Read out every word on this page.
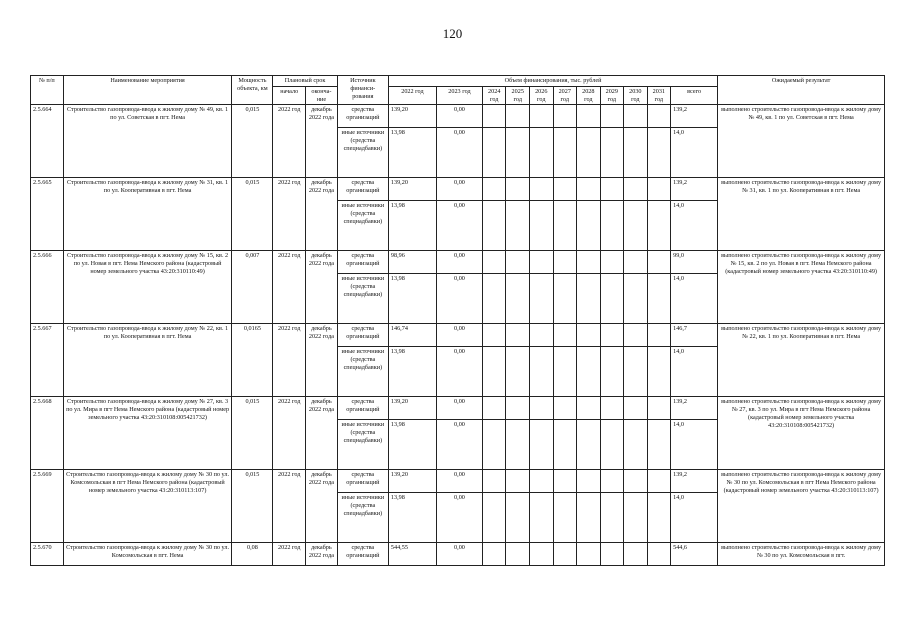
120
№ п/п	Наименование мероприятия	Мощность объекта, км	Плановый срок		Источник финанси- рования	Объем финансирования, тыс. рублей											Ожидаемый результат
			начало	оконча- ние		2022 год	2023 год	2024 год	2025 год	2026 год	2027 год	2028 год	2029 год	2030 год	2031 год	всего	
2.5.664	Строительство газопровода-ввода к жилому дому № 49, кв. 1 по ул. Советская в пгт. Нема	0,015	2022 год	декабрь 2022 года	средства организаций	139,20	0,00									139,2	выполнено строительство газопровода-ввода к жилому дому № 49, кв. 1 по ул. Советская в пгт. Нема
					иные источники (средства спецнадбавки)	13,98	0,00									14,0	
2.5.665	Строительство газопровода-ввода к жилому дому № 31, кв. 1 по ул. Кооперативная в пгт. Нема	0,015	2022 год	декабрь 2022 года	средства организаций	139,20	0,00									139,2	выполнено строительство газопровода-ввода к жилому дому № 31, кв. 1 по ул. Кооперативная в пгт. Нема
					иные источники (средства спецнадбавки)	13,98	0,00									14,0	
2.5.666	Строительство газопровода-ввода к жилому дому № 15, кв. 2 по ул. Новая в пгт. Нема Немского района (кадастровый номер земельного участка 43:20:310110:49)	0,007	2022 год	декабрь 2022 года	средства организаций	98,96	0,00									99,0	выполнено строительство газопровода-ввода к жилому дому № 15, кв. 2 по ул. Новая в пгт. Нема Немского района (кадастровый номер земельного участка 43:20:310110:49)
					иные источники (средства спецнадбавки)	13,98	0,00									14,0	
2.5.667	Строительство газопровода-ввода к жилому дому № 22, кв. 1 по ул. Кооперативная в пгт. Нема	0,0165	2022 год	декабрь 2022 года	средства организаций	146,74	0,00									146,7	выполнено строительство газопровода-ввода к жилому дому № 22, кв. 1 по ул. Кооперативная в пгт. Нема
					иные источники (средства спецнадбавки)	13,98	0,00									14,0	
2.5.668	Строительство газопровода-ввода к жилому дому № 27, кв. 3 по ул. Мира в пгт Нема Немского района (кадастровый номер земельного участка 43:20:310108:005421732)	0,015	2022 год	декабрь 2022 года	средства организаций	139,20	0,00									139,2	выполнено строительство газопровода-ввода к жилому дому № 27, кв. 3 по ул. Мира в пгт Нема Немского района (кадастровый номер земельного участка 43:20:310108:005421732)
					иные источники (средства спецнадбавки)	13,98	0,00									14,0	
2.5.669	Строительство газопровода-ввода к жилому дому № 30 по ул. Комсомольская в пгт Нема Немского района (кадастровый номер земельного участка 43:20:310113:107)	0,015	2022 год	декабрь 2022 года	средства организаций	139,20	0,00									139,2	выполнено строительство газопровода-ввода к жилому дому № 30 по ул. Комсомольская в пгт Нема Немского района (кадастровый номер земельного участка 43:20:310113:107)
					иные источники (средства спецнадбавки)	13,98	0,00									14,0	
2.5.670	Строительство газопровода-ввода к жилому дому № 30 по ул. Комсомольская в пгт. Нема	0,08	2022 год	декабрь 2022 года	средства организаций	544,55	0,00									544,6	выполнено строительство газопровода-ввода к жилому дому № 30 по ул. Комсомольская в пгт.
